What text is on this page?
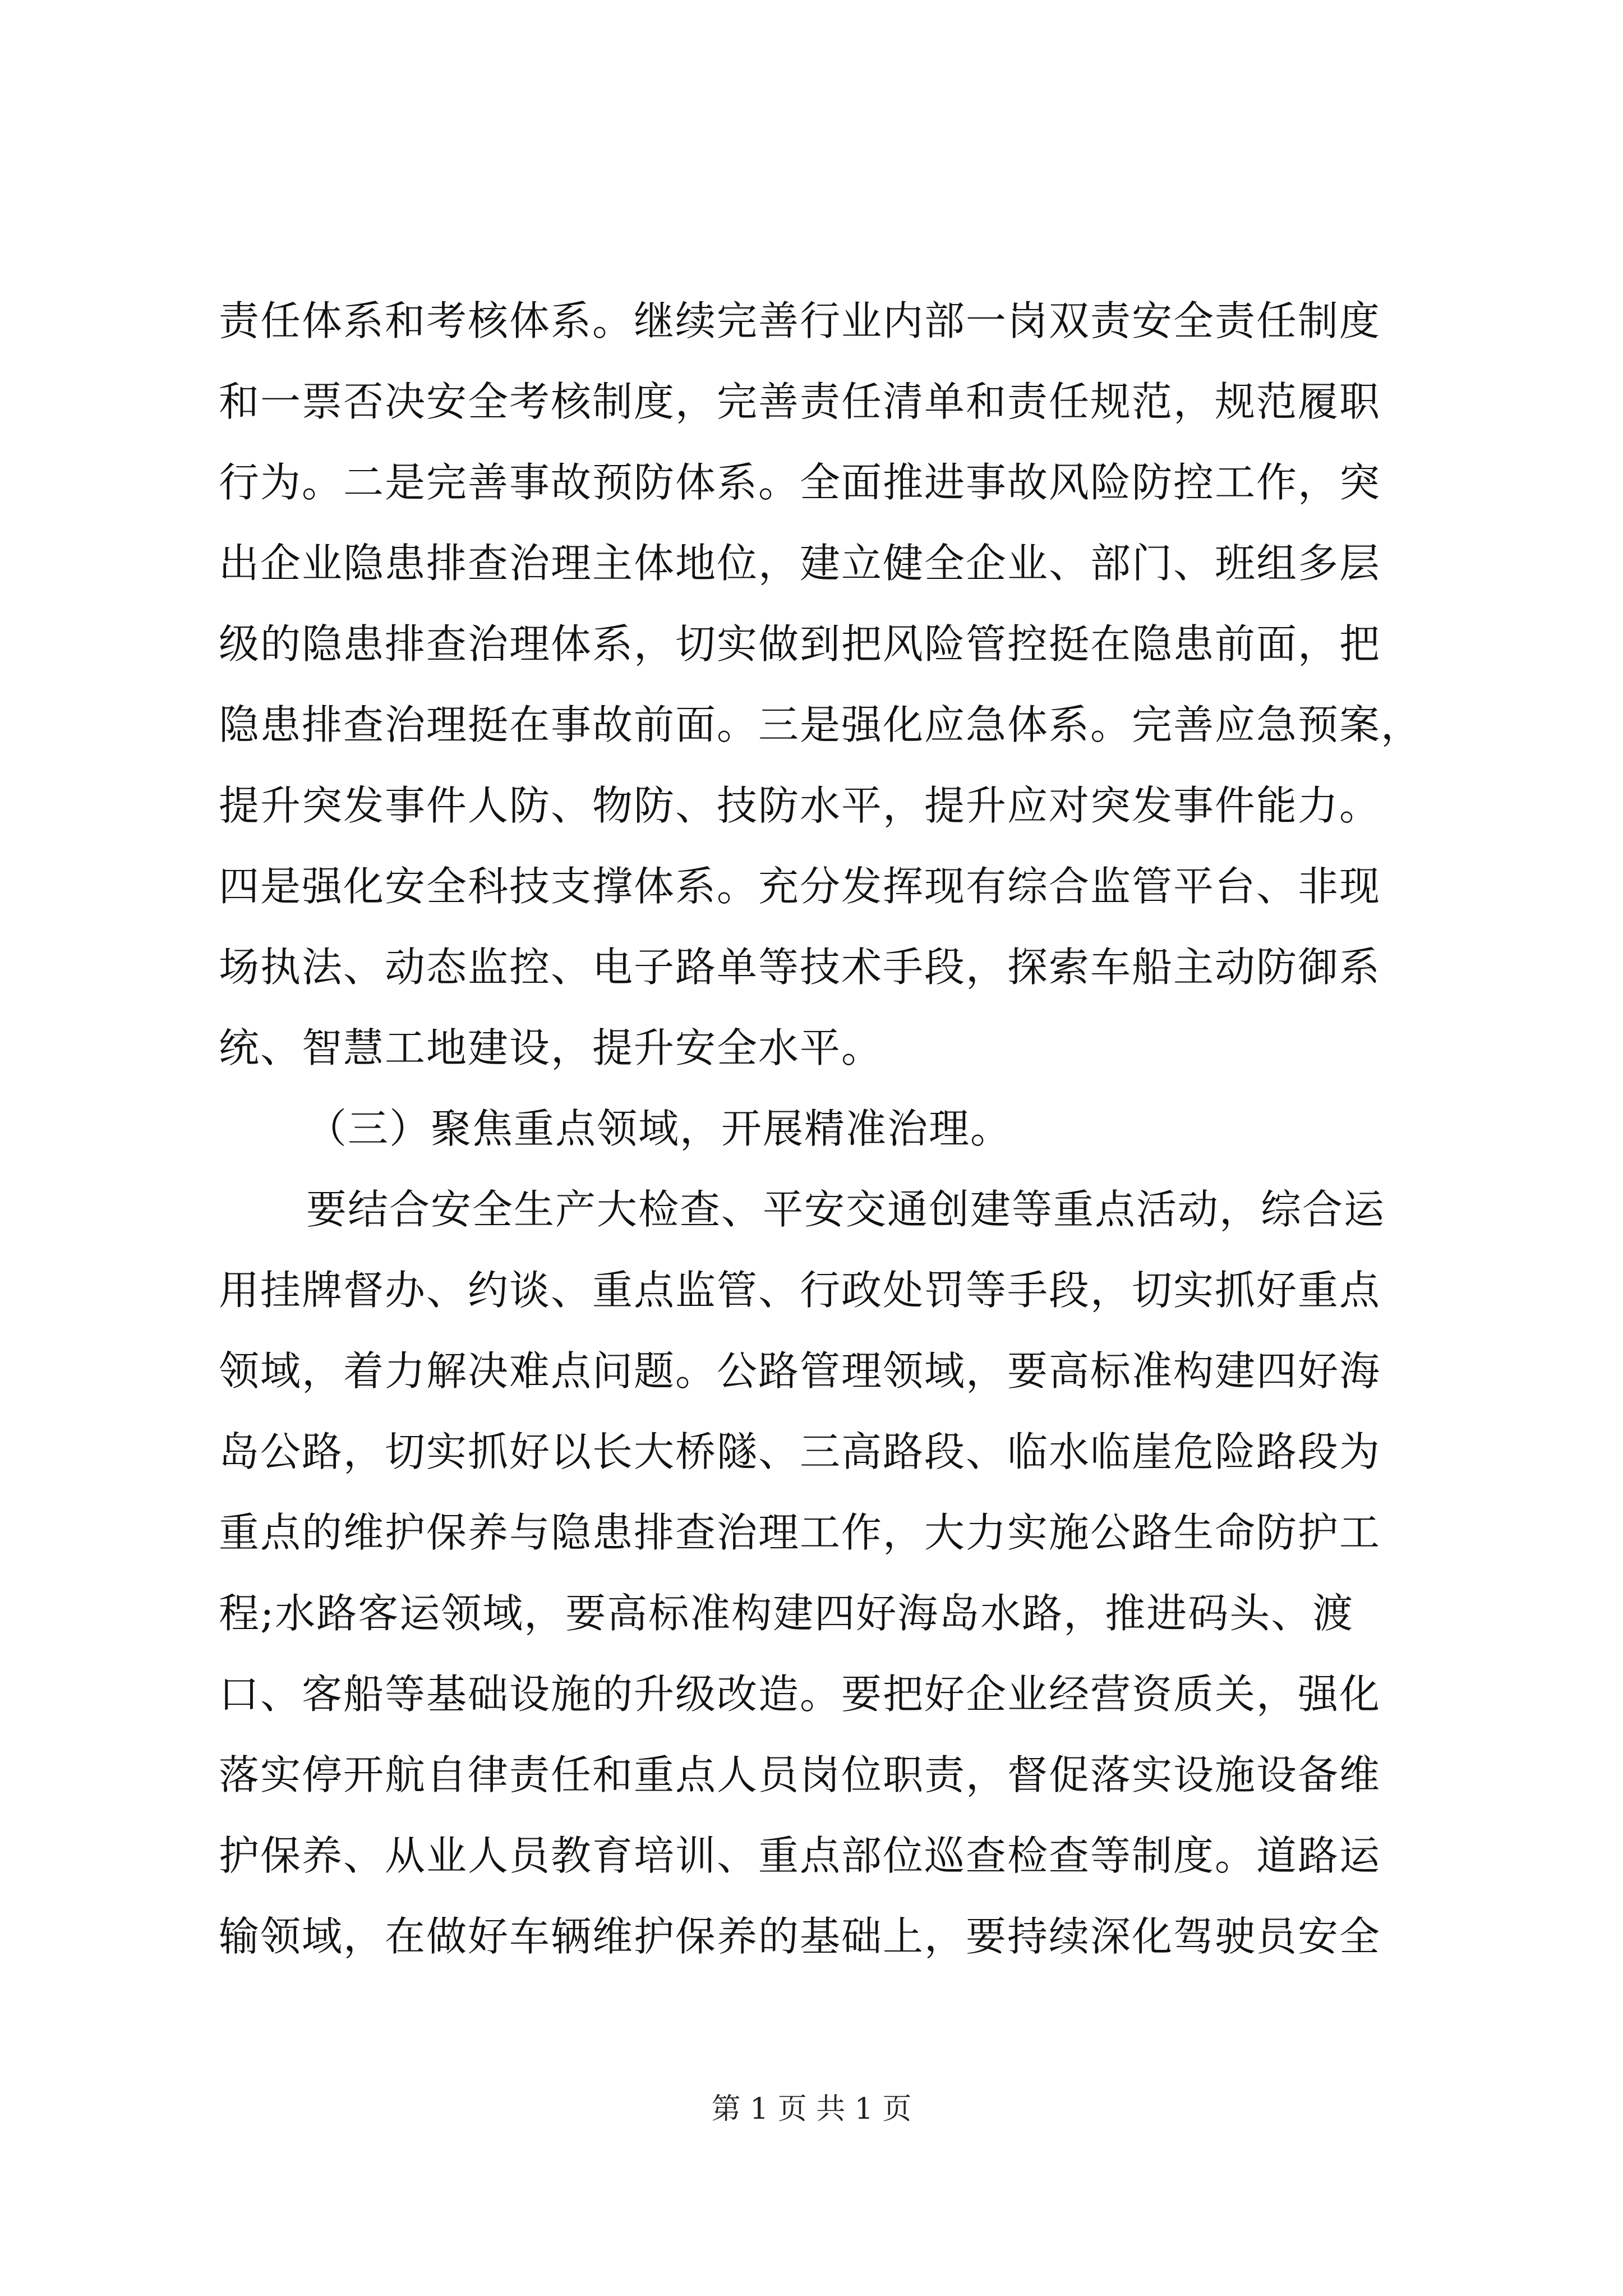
责任体系和考核体系。继续完善行业内部一岗双责安全责任制度
和一票否决安全考核制度，完善责任清单和责任规范，规范履职
行为。二是完善事故预防体系。全面推进事故风险防控工作，突
出企业隐患排查治理主体地位，建立健全企业、部门、班组多层
级的隐患排查治理体系，切实做到把风险管控挺在隐患前面，把
隐患排查治理挺在事故前面。三是强化应急体系。完善应急预案，
提升突发事件人防、物防、技防水平，提升应对突发事件能力。
四是强化安全科技支撑体系。充分发挥现有综合监管平台、非现
场执法、动态监控、电子路单等技术手段，探索车船主动防御系
统、智慧工地建设，提升安全水平。
（三）聚焦重点领域，开展精准治理。
要结合安全生产大检查、平安交通创建等重点活动，综合运
用挂牌督办、约谈、重点监管、行政处罚等手段，切实抓好重点
领域，着力解决难点问题。公路管理领域，要高标准构建四好海
岛公路，切实抓好以长大桥隧、三高路段、临水临崖危险路段为
重点的维护保养与隐患排查治理工作，大力实施公路生命防护工
程;水路客运领域，要高标准构建四好海岛水路，推进码头、渡
口、客船等基础设施的升级改造。要把好企业经营资质关，强化
落实停开航自律责任和重点人员岗位职责，督促落实设施设备维
护保养、从业人员教育培训、重点部位巡查检查等制度。道路运
输领域，在做好车辆维护保养的基础上，要持续深化驾驶员安全
第 1 页 共 1 页
